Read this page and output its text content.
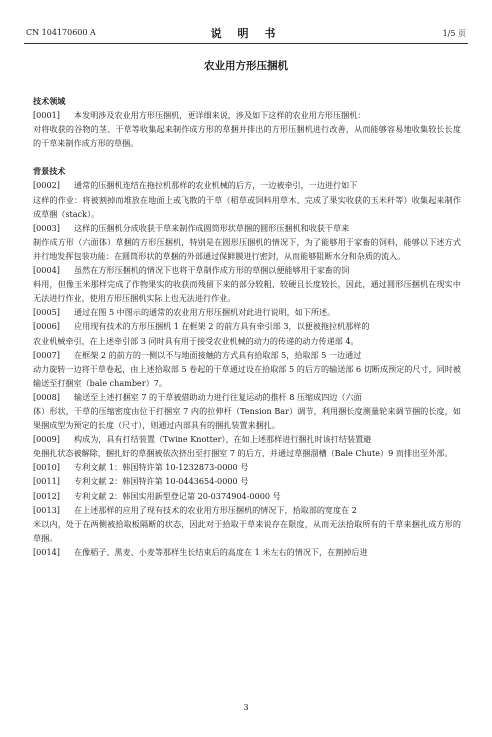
CN 104170600 A	说 明 书	1/5 页
农业用方形压捆机
技术领域

[0001] 本发明涉及农业用方形压捆机，更详细来说，涉及如下这样的农业用方形压捆机：
对将收获的谷物的茎、干草等收集起来制作成方形的草捆并排出的方形压捆机进行改善，从而能够容易地收集较长长度的干草来制作成方形的草捆。

背景技术

[0002] 通常的压捆机连结在拖拉机那样的农业机械的后方，一边被牵引，一边进行如下
这样的作业：将被割掉而堆放在地面上或飞散的干草（稻草或饲料用草木、完成了果实收获的玉米秆等）收集起来制作成草捆（stack）。

[0003] 这样的压捆机分成收获干草来制作成圆筒形状草捆的圆形压捆机和收获干草来
制作成方形（六面体）草捆的方形压捆机，特别是在圆形压捆机的情况下，为了能够用于家畜的饲料，能够以下述方式并行地发挥包装功能：在圆筒形状的草捆的外部通过保鲜膜进行密封，从而能够阻断水分和杂质的流入。

[0004] 虽然在方形压捆机的情况下也将干草制作成方形的草捆以便能够用于家畜的饲
料用，但像玉米那样完成了作物果实的收获而残留下来的部分较粗、较硬且长度较长，因此，通过圆形压捆机在现实中无法进行作业，使用方形压捆机实际上也无法进行作业。

[0005] 通过在图 5 中图示的通常的农业用方形压捆机对此进行说明，如下所述。

[0006] 应用现有技术的方形压捆机 1 在框架 2 的前方具有牵引部 3，以便被拖拉机那样的
农业机械牵引，在上述牵引部 3 同时具有用于接受农业机械的动力的传递的动力传递部 4。

[0007] 在框架 2 的前方的一侧以不与地面接触的方式具有拾取部 5，拾取部 5 一边通过
动力旋转一边将干草卷起，由上述拾取部 5 卷起的干草通过设在拾取部 5 的后方的输送部 6 切断成预定的尺寸，同时被输送至打捆室（bale chamber）7。

[0008] 输送至上述打捆室 7 的干草被借助动力进行往复运动的推杆 8 压缩成四边（六面
体）形状，干草的压缩密度由位于打捆室 7 内的拉伸杆（Tension Bar）调节，利用捆长度测量轮来调节捆的长度，如果捆成型为预定的长度（尺寸），则通过内部具有的捆扎装置来捆扎。

[0009] 构成为，具有打结装置（Twine Knotter），在如上述那样进行捆扎时该打结装置避
免捆扎状态被解除，捆扎好的草捆被依次挤出至打捆室 7 的后方，并通过草捆溜槽（Bale Chute）9 而排出至外部。

[0010] 专利文献 1：韩国特许第 10-1232873-0000 号

[0011] 专利文献 2：韩国特许第 10-0443654-0000 号

[0012] 专利文献 2：韩国实用新型登记第 20-0374904-0000 号

[0013] 在上述那样的应用了现有技术的农业用方形压捆机的情况下，拾取部的宽度在 2
米以内，处于在两侧被拾取板隔断的状态，因此对于拾取干草来说存在限度，从而无法拾取所有的干草来捆扎成方形的草捆。

[0014] 在像稻子、黑麦、小麦等那样生长结束后的高度在 1 米左右的情况下，在割掉后进

3
